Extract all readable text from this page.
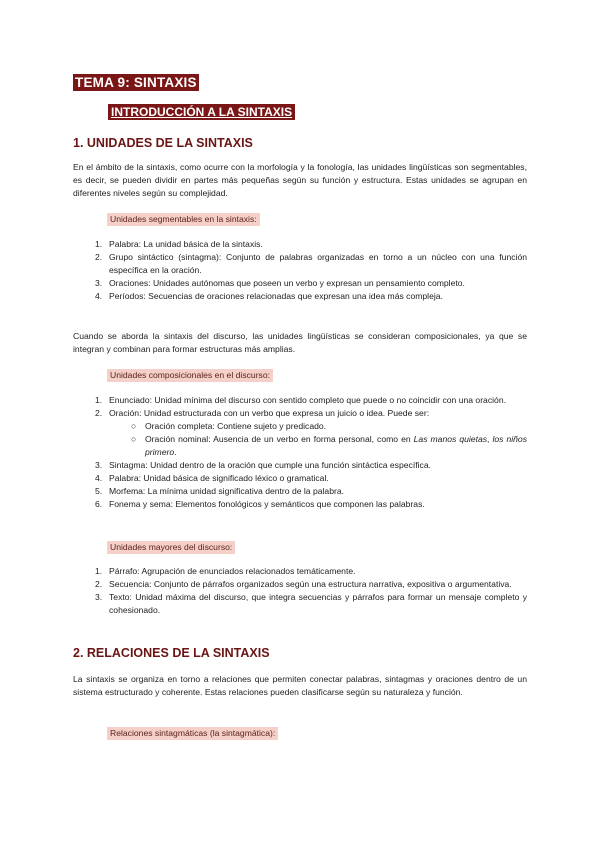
TEMA 9: SINTAXIS
INTRODUCCIÓN A LA SINTAXIS
1. UNIDADES DE LA SINTAXIS
En el ámbito de la sintaxis, como ocurre con la morfología y la fonología, las unidades lingüísticas son segmentables, es decir, se pueden dividir en partes más pequeñas según su función y estructura. Estas unidades se agrupan en diferentes niveles según su complejidad.
Unidades segmentables en la sintaxis:
1. Palabra: La unidad básica de la sintaxis.
2. Grupo sintáctico (sintagma): Conjunto de palabras organizadas en torno a un núcleo con una función específica en la oración.
3. Oraciones: Unidades autónomas que poseen un verbo y expresan un pensamiento completo.
4. Períodos: Secuencias de oraciones relacionadas que expresan una idea más compleja.
Cuando se aborda la sintaxis del discurso, las unidades lingüísticas se consideran composicionales, ya que se integran y combinan para formar estructuras más amplias.
Unidades composicionales en el discurso:
1. Enunciado: Unidad mínima del discurso con sentido completo que puede o no coincidir con una oración.
2. Oración: Unidad estructurada con un verbo que expresa un juicio o idea. Puede ser:
○	Oración completa: Contiene sujeto y predicado.
○	Oración nominal: Ausencia de un verbo en forma personal, como en Las manos quietas, los niños primero.
3. Sintagma: Unidad dentro de la oración que cumple una función sintáctica específica.
4. Palabra: Unidad básica de significado léxico o gramatical.
5. Morfema: La mínima unidad significativa dentro de la palabra.
6. Fonema y sema: Elementos fonológicos y semánticos que componen las palabras.
Unidades mayores del discurso:
1. Párrafo: Agrupación de enunciados relacionados temáticamente.
2. Secuencia: Conjunto de párrafos organizados según una estructura narrativa, expositiva o argumentativa.
3. Texto: Unidad máxima del discurso, que integra secuencias y párrafos para formar un mensaje completo y cohesionado.
2. RELACIONES DE LA SINTAXIS
La sintaxis se organiza en torno a relaciones que permiten conectar palabras, sintagmas y oraciones dentro de un sistema estructurado y coherente. Estas relaciones pueden clasificarse según su naturaleza y función.
Relaciones sintagmáticas (la sintagmática):
